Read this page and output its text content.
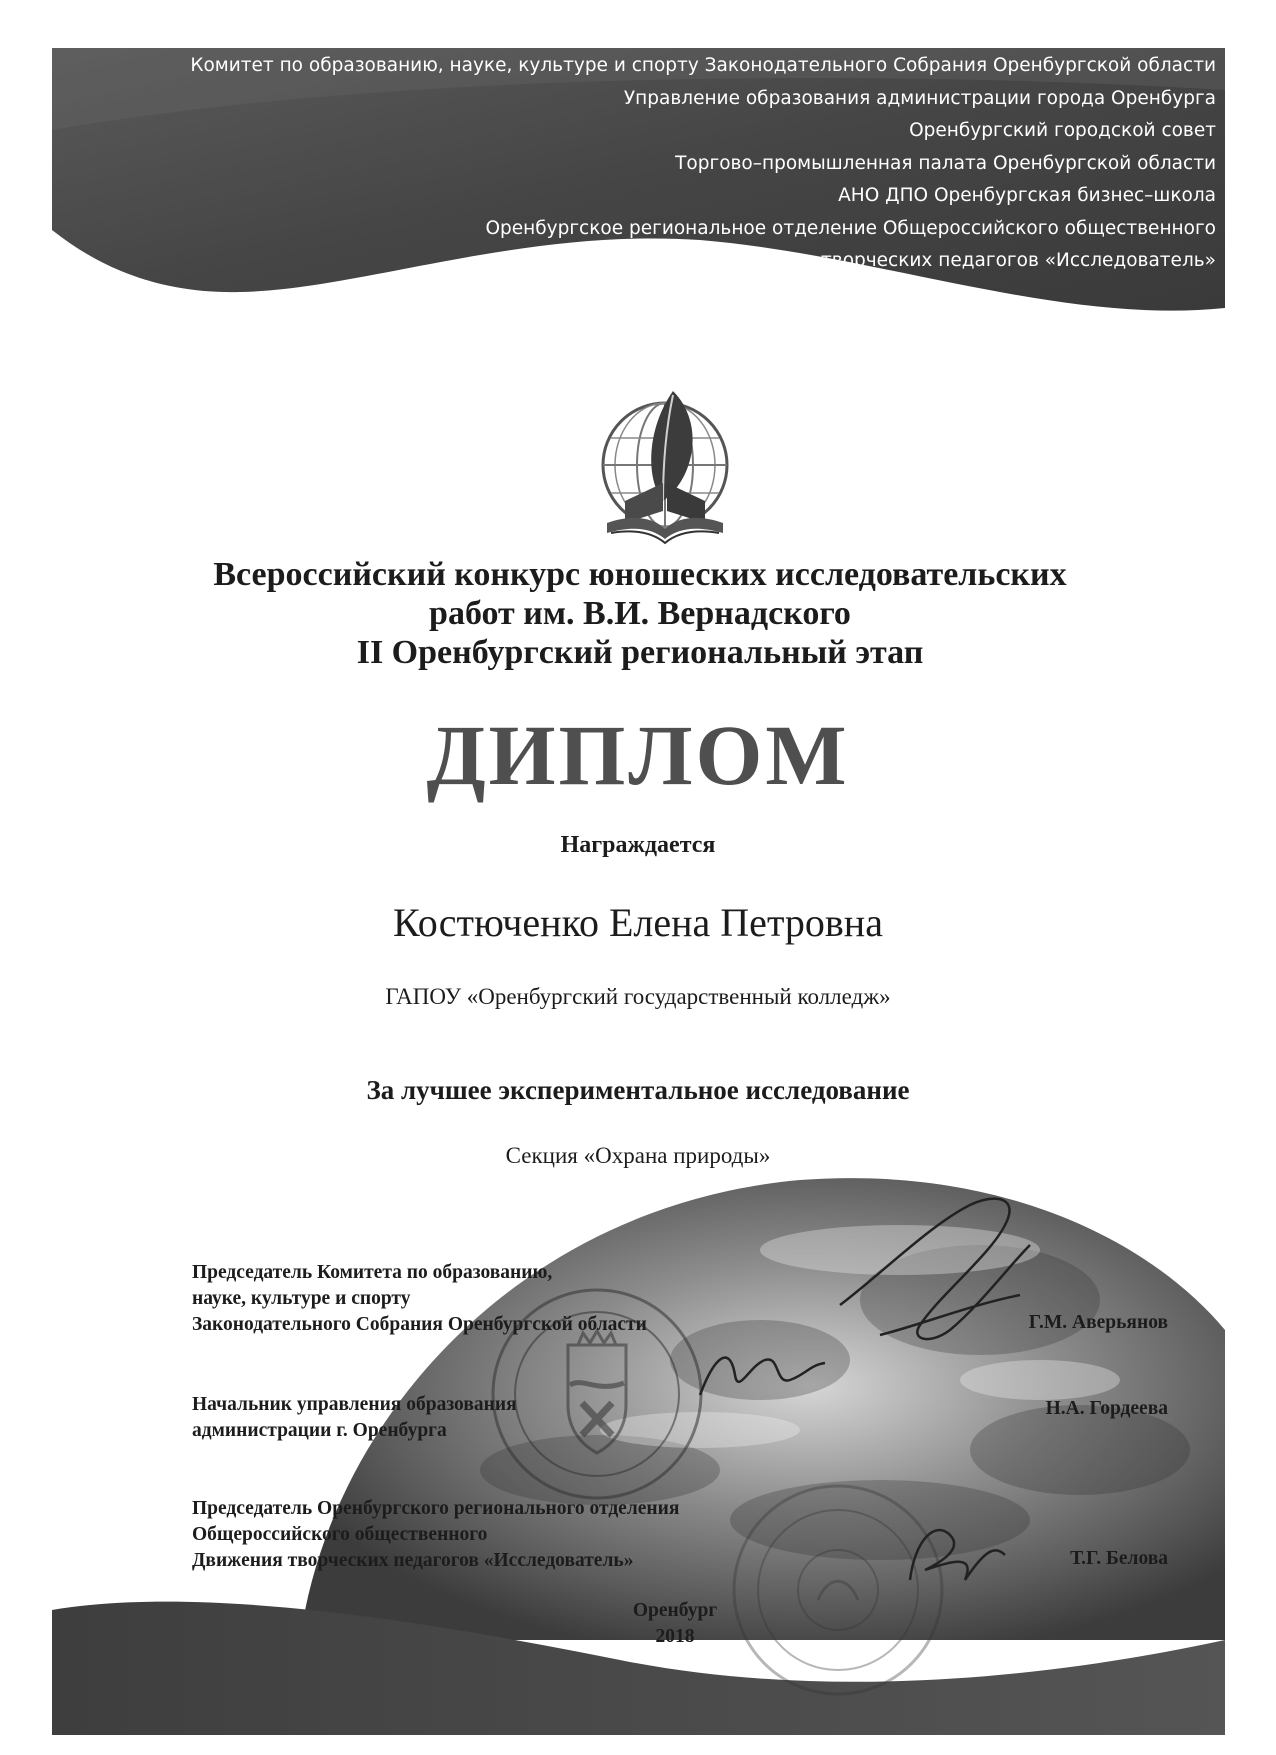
Комитет по образованию, науке, культуре и спорту Законодательного Собрания Оренбургской области
Управление образования администрации города Оренбурга
Оренбургский городской совет
Торгово–промышленная палата Оренбургской области
АНО ДПО Оренбургская бизнес–школа
Оренбургское региональное отделение Общероссийского общественного
Движения творческих педагогов «Исследователь»
Всероссийский конкурс юношеских исследовательских
работ им. В.И. Вернадского
II Оренбургский региональный этап
ДИПЛОМ
Награждается
Костюченко Елена Петровна
ГАПОУ «Оренбургский государственный колледж»
За лучшее экспериментальное исследование
Секция «Охрана природы»
Председатель Комитета по образованию,
науке, культуре и спорту
Законодательного Собрания Оренбургской области	Г.М. Аверьянов
Начальник управления образования
администрации г. Оренбурга
Н.А. Гордеева
Председатель Оренбургского регионального отделения
Общероссийского общественного
Движения творческих педагогов «Исследователь»	Т.Г. Белова
Оренбург
2018
